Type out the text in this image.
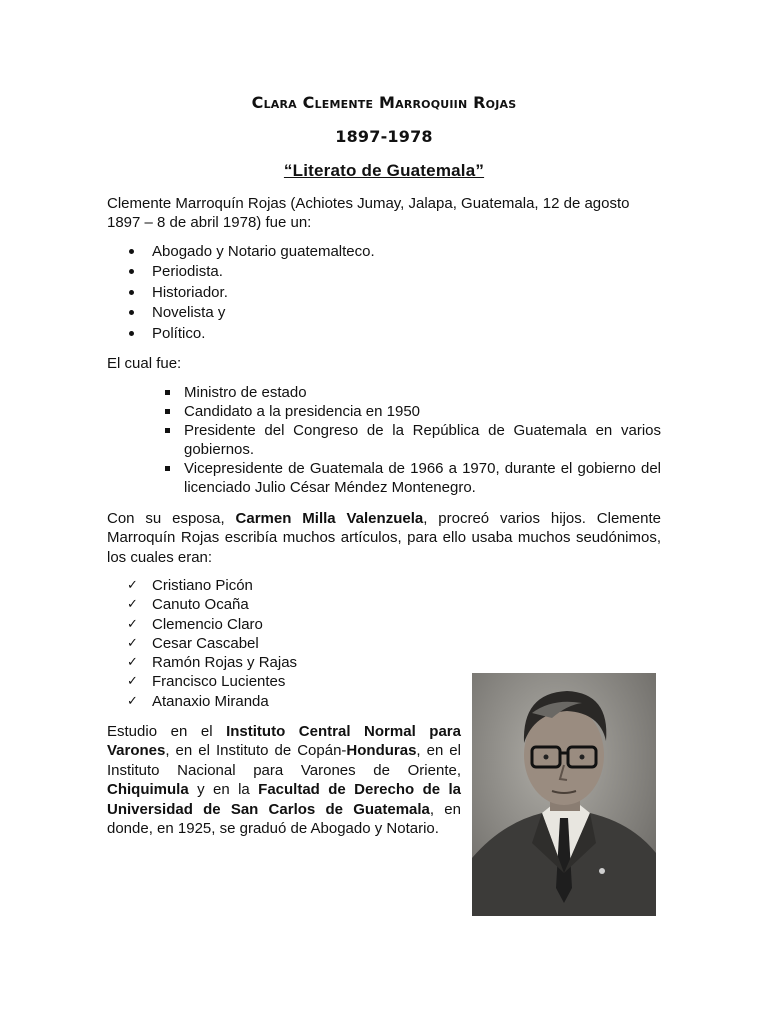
Clara Clemente Marroquiin Rojas
1897-1978
“Literato de Guatemala”
Clemente Marroquín Rojas (Achiotes Jumay, Jalapa, Guatemala, 12 de agosto 1897 – 8 de abril 1978) fue un:
Abogado y Notario guatemalteco.
Periodista.
Historiador.
Novelista y
Político.
El cual fue:
Ministro de estado
Candidato a la presidencia en 1950
Presidente del Congreso de la República de Guatemala en varios gobiernos.
Vicepresidente de Guatemala de 1966 a 1970, durante el gobierno del licenciado Julio César Méndez Montenegro.
Con su esposa, Carmen Milla Valenzuela, procreó varios hijos. Clemente Marroquín Rojas escribía muchos artículos, para ello usaba muchos seudónimos, los cuales eran:
✓ Cristiano Picón
✓ Canuto Ocaña
✓ Clemencio Claro
✓ Cesar Cascabel
✓ Ramón Rojas y Rajas
✓ Francisco Lucientes
✓ Atanaxio Miranda
Estudio en el Instituto Central Normal para Varones, en el Instituto de Copán-Honduras, en el Instituto Nacional para Varones de Oriente, Chiquimula y en la Facultad de Derecho de la Universidad de San Carlos de Guatemala, en donde, en 1925, se graduó de Abogado y Notario.
